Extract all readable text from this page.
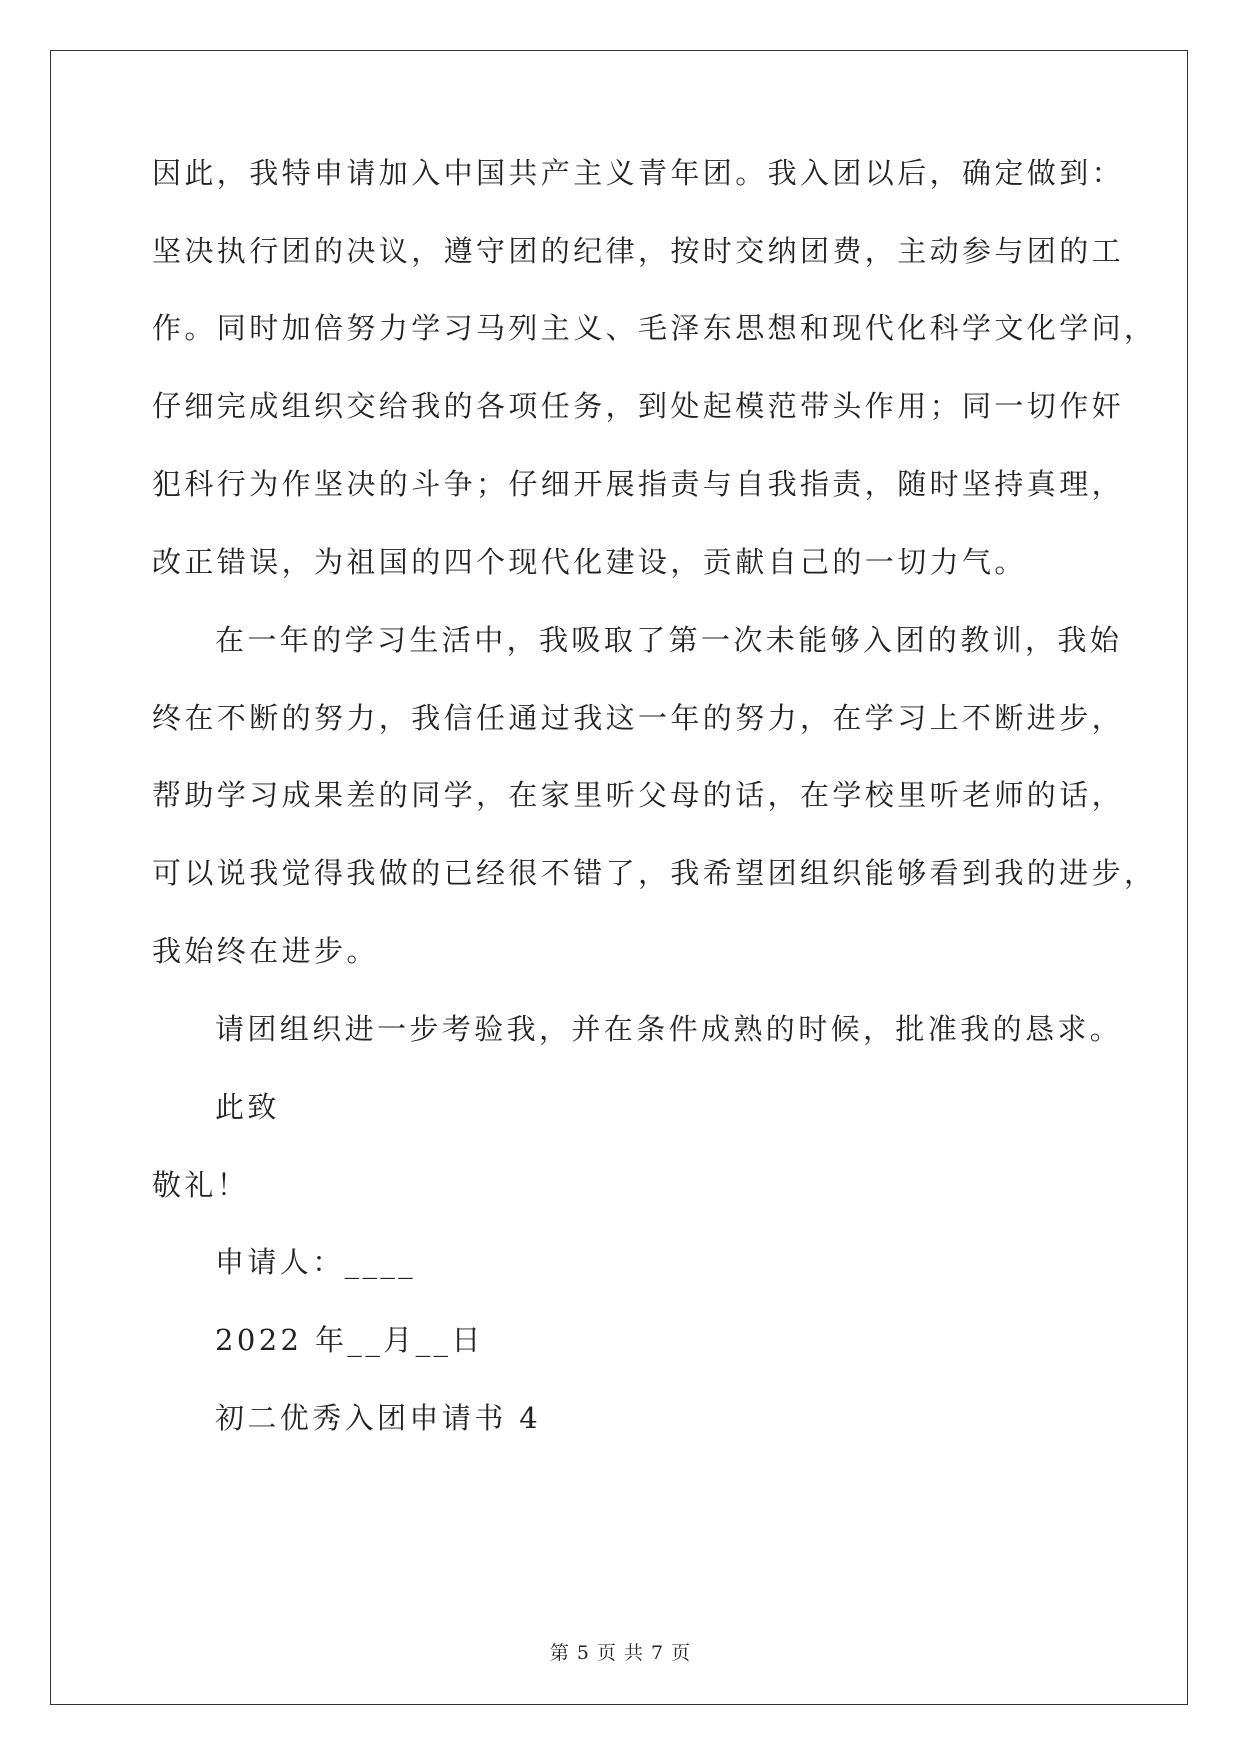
因此，我特申请加入中国共产主义青年团。我入团以后，确定做到：
坚决执行团的决议，遵守团的纪律，按时交纳团费，主动参与团的工
作。同时加倍努力学习马列主义、毛泽东思想和现代化科学文化学问，
仔细完成组织交给我的各项任务，到处起模范带头作用；同一切作奸
犯科行为作坚决的斗争；仔细开展指责与自我指责，随时坚持真理，
改正错误，为祖国的四个现代化建设，贡献自己的一切力气。
在一年的学习生活中，我吸取了第一次未能够入团的教训，我始
终在不断的努力，我信任通过我这一年的努力，在学习上不断进步，
帮助学习成果差的同学，在家里听父母的话，在学校里听老师的话，
可以说我觉得我做的已经很不错了，我希望团组织能够看到我的进步，
我始终在进步。
请团组织进一步考验我，并在条件成熟的时候，批准我的恳求。
此致
敬礼！
申请人：____
2022 年__月__日
初二优秀入团申请书 4
第 5 页 共 7 页
